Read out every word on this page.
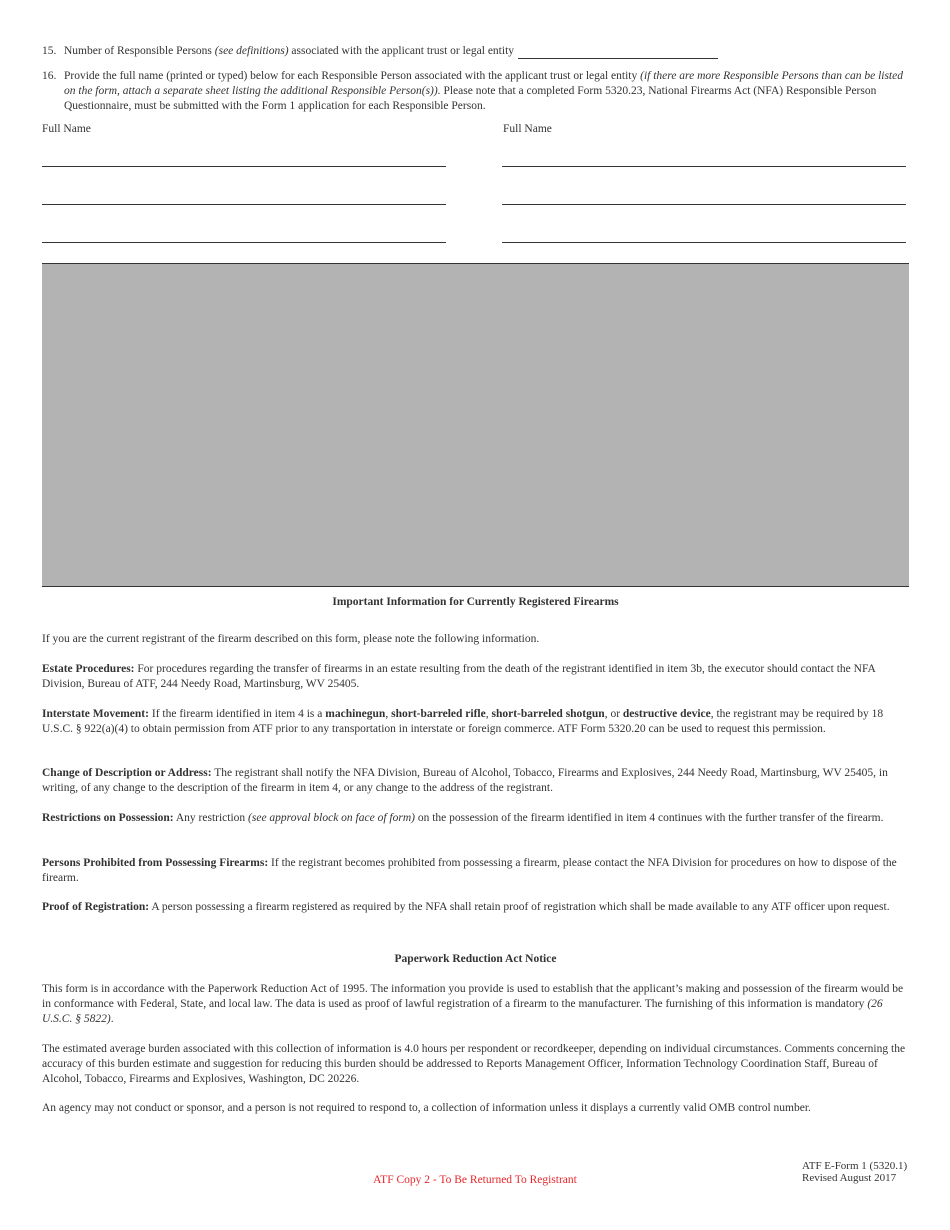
15. Number of Responsible Persons (see definitions) associated with the applicant trust or legal entity
16. Provide the full name (printed or typed) below for each Responsible Person associated with the applicant trust or legal entity (if there are more Responsible Persons than can be listed on the form, attach a separate sheet listing the additional Responsible Person(s)). Please note that a completed Form 5320.23, National Firearms Act (NFA) Responsible Person Questionnaire, must be submitted with the Form 1 application for each Responsible Person.
Full Name	Full Name
Important Information for Currently Registered Firearms
If you are the current registrant of the firearm described on this form, please note the following information.
Estate Procedures: For procedures regarding the transfer of firearms in an estate resulting from the death of the registrant identified in item 3b, the executor should contact the NFA Division, Bureau of ATF, 244 Needy Road, Martinsburg, WV 25405.
Interstate Movement: If the firearm identified in item 4 is a machinegun, short-barreled rifle, short-barreled shotgun, or destructive device, the registrant may be required by 18 U.S.C. § 922(a)(4) to obtain permission from ATF prior to any transportation in interstate or foreign commerce. ATF Form 5320.20 can be used to request this permission.
Change of Description or Address: The registrant shall notify the NFA Division, Bureau of Alcohol, Tobacco, Firearms and Explosives, 244 Needy Road, Martinsburg, WV 25405, in writing, of any change to the description of the firearm in item 4, or any change to the address of the registrant.
Restrictions on Possession: Any restriction (see approval block on face of form) on the possession of the firearm identified in item 4 continues with the further transfer of the firearm.
Persons Prohibited from Possessing Firearms: If the registrant becomes prohibited from possessing a firearm, please contact the NFA Division for procedures on how to dispose of the firearm.
Proof of Registration: A person possessing a firearm registered as required by the NFA shall retain proof of registration which shall be made available to any ATF officer upon request.
Paperwork Reduction Act Notice
This form is in accordance with the Paperwork Reduction Act of 1995. The information you provide is used to establish that the applicant’s making and possession of the firearm would be in conformance with Federal, State, and local law. The data is used as proof of lawful registration of a firearm to the manufacturer. The furnishing of this information is mandatory (26 U.S.C. § 5822).
The estimated average burden associated with this collection of information is 4.0 hours per respondent or recordkeeper, depending on individual circumstances. Comments concerning the accuracy of this burden estimate and suggestion for reducing this burden should be addressed to Reports Management Officer, Information Technology Coordination Staff, Bureau of Alcohol, Tobacco, Firearms and Explosives, Washington, DC 20226.
An agency may not conduct or sponsor, and a person is not required to respond to, a collection of information unless it displays a currently valid OMB control number.
ATF Copy 2 - To Be Returned To Registrant
ATF E-Form 1 (5320.1)
Revised August 2017
